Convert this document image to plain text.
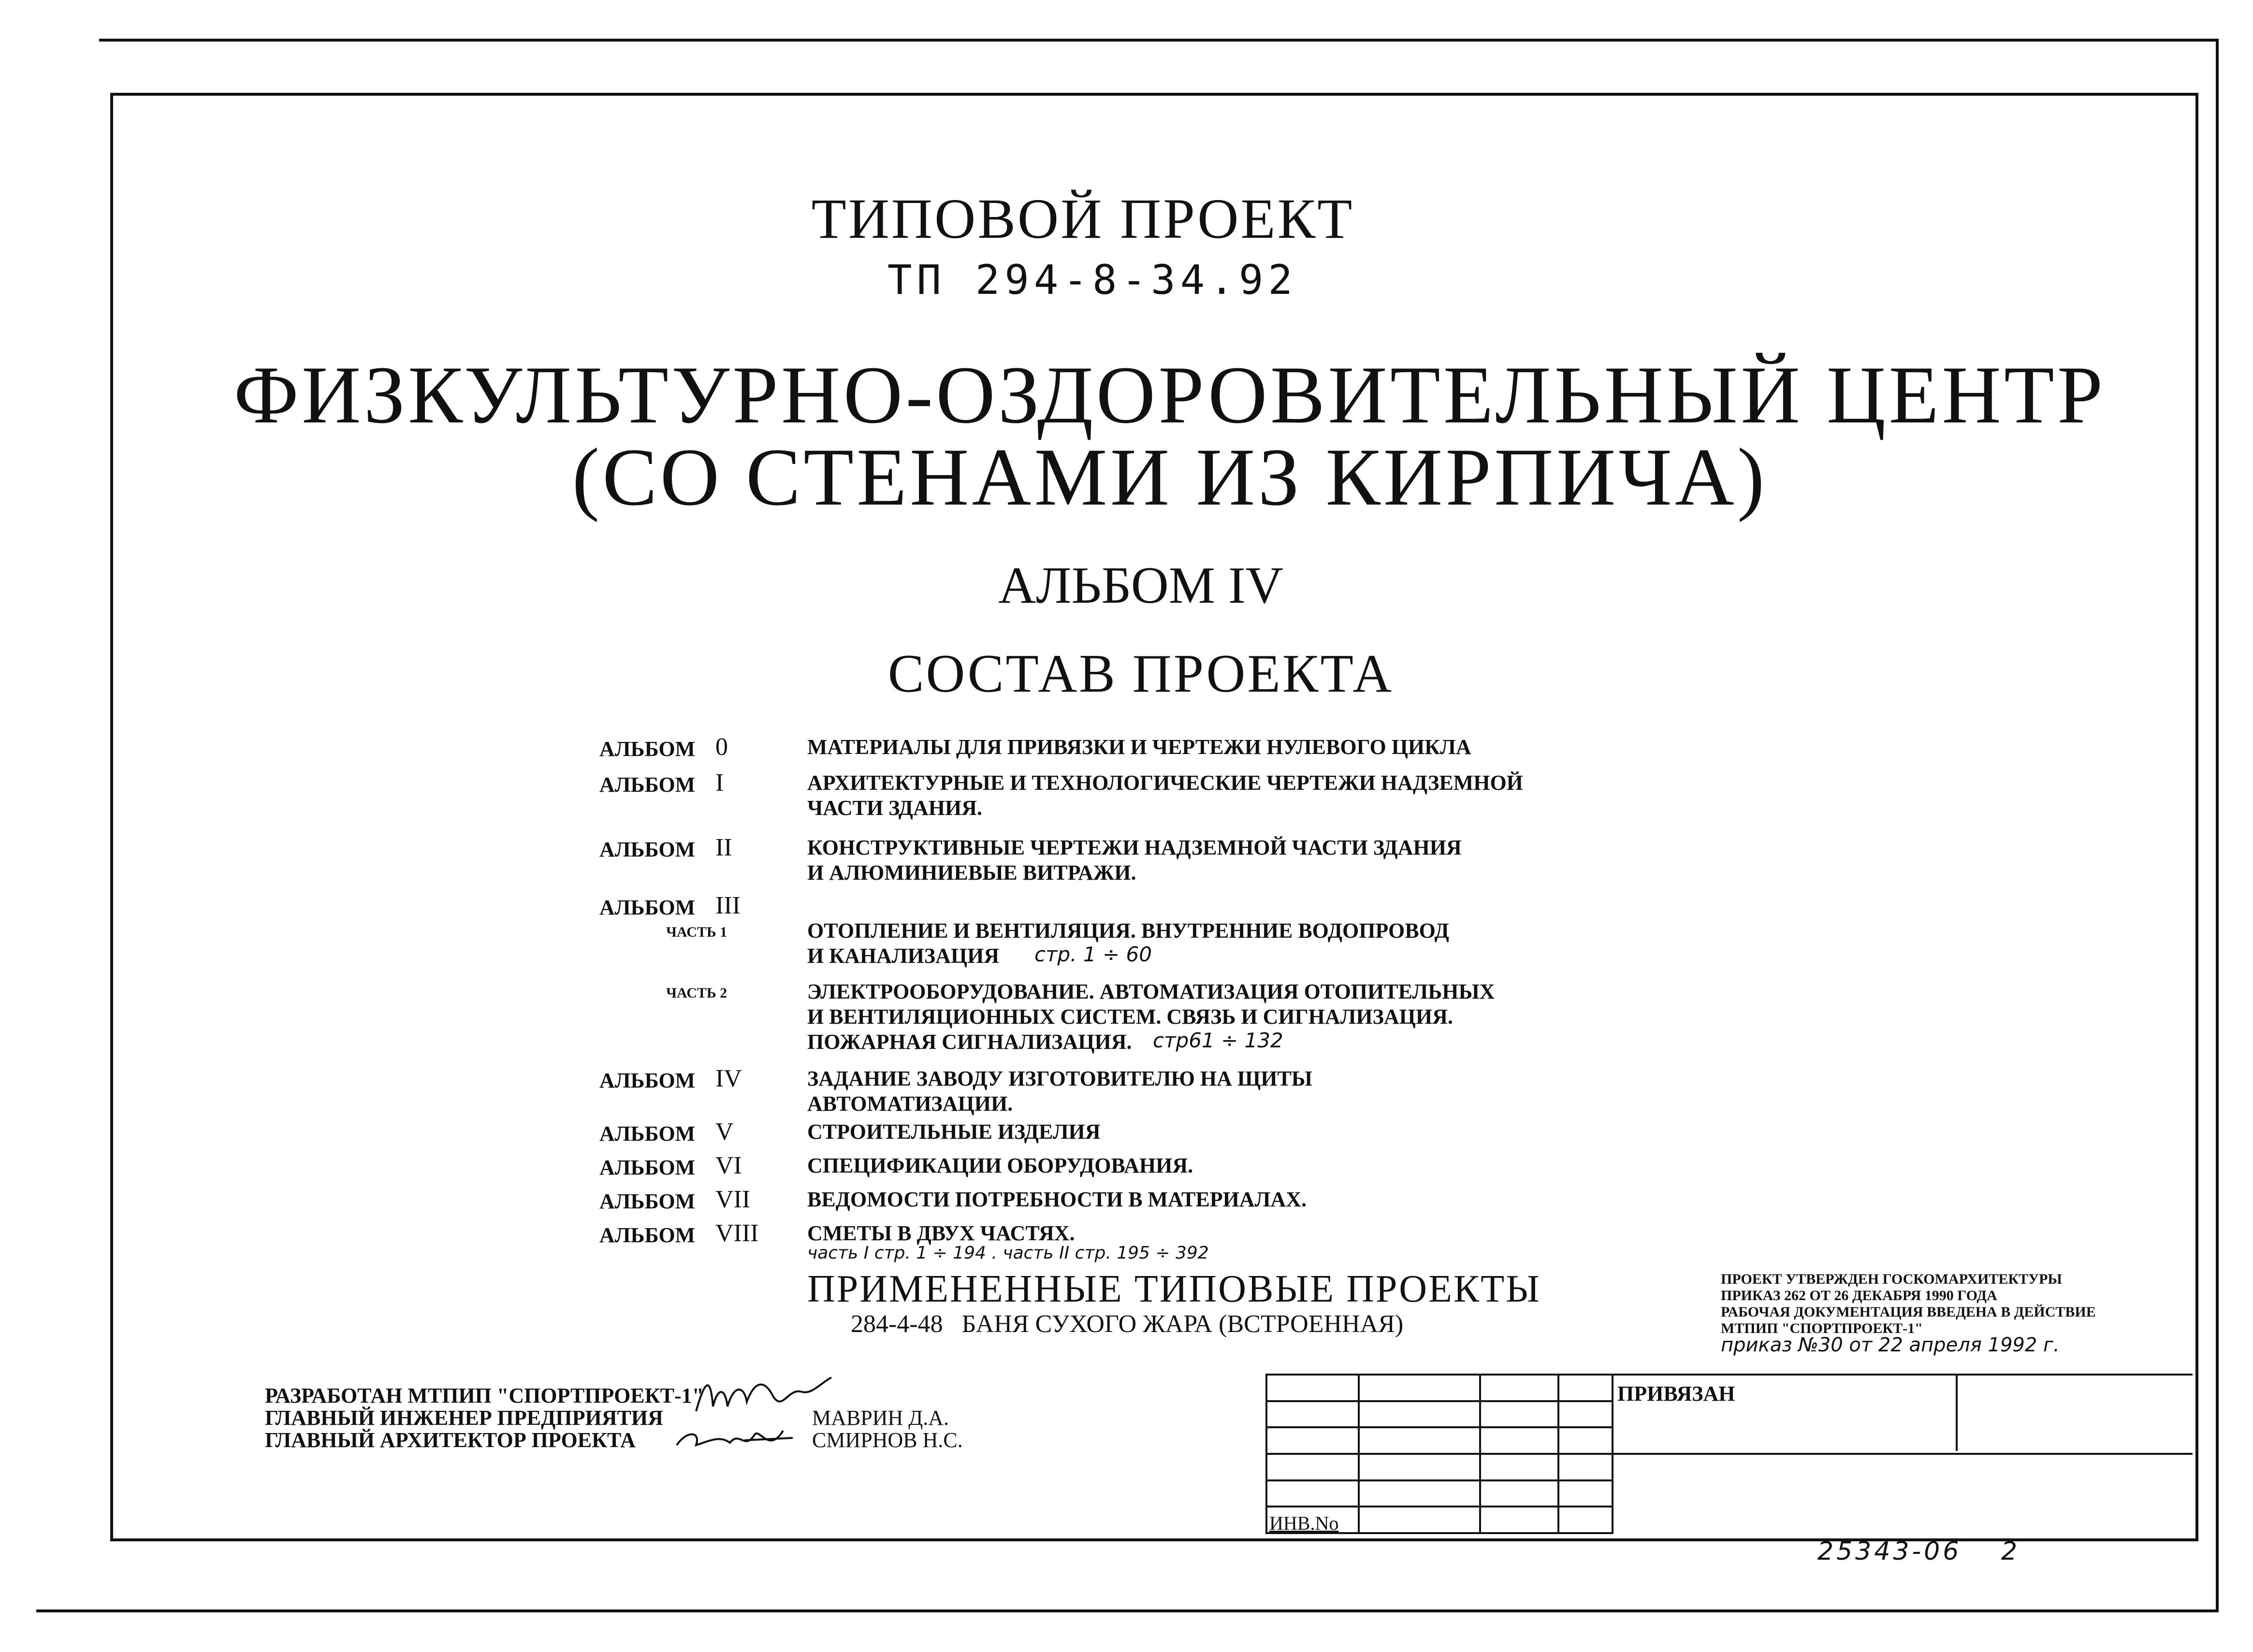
ТИПОВОЙ ПРОЕКТ
ТП 294-8-34.92
ФИЗКУЛЬТУРНО-ОЗДОРОВИТЕЛЬНЫЙ ЦЕНТР
(СО СТЕНАМИ ИЗ КИРПИЧА)
АЛЬБОМ IV
СОСТАВ ПРОЕКТА
АЛЬБОМ 0	МАТЕРИАЛЫ ДЛЯ ПРИВЯЗКИ И ЧЕРТЕЖИ НУЛЕВОГО ЦИКЛА
АЛЬБОМ I	АРХИТЕКТУРНЫЕ И ТЕХНОЛОГИЧЕСКИЕ ЧЕРТЕЖИ НАДЗЕМНОЙ
ЧАСТИ ЗДАНИЯ.
АЛЬБОМ II	КОНСТРУКТИВНЫЕ ЧЕРТЕЖИ НАДЗЕМНОЙ ЧАСТИ ЗДАНИЯ
И АЛЮМИНИЕВЫЕ ВИТРАЖИ.
АЛЬБОМ III
ЧАСТЬ 1	ОТОПЛЕНИЕ И ВЕНТИЛЯЦИЯ. ВНУТРЕННИЕ ВОДОПРОВОД
И КАНАЛИЗАЦИЯ стр. 1 ÷ 60
ЧАСТЬ 2	ЭЛЕКТРООБОРУДОВАНИЕ. АВТОМАТИЗАЦИЯ ОТОПИТЕЛЬНЫХ
И ВЕНТИЛЯЦИОННЫХ СИСТЕМ. СВЯЗЬ И СИГНАЛИЗАЦИЯ.
ПОЖАРНАЯ СИГНАЛИЗАЦИЯ. стр61 ÷ 132
АЛЬБОМ IV	ЗАДАНИЕ ЗАВОДУ ИЗГОТОВИТЕЛЮ НА ЩИТЫ
АВТОМАТИЗАЦИИ.
АЛЬБОМ V	СТРОИТЕЛЬНЫЕ ИЗДЕЛИЯ
АЛЬБОМ VI	СПЕЦИФИКАЦИИ ОБОРУДОВАНИЯ.
АЛЬБОМ VII	ВЕДОМОСТИ ПОТРЕБНОСТИ В МАТЕРИАЛАХ.
АЛЬБОМ VIII СМЕТЫ В ДВУХ ЧАСТЯХ.
часть I стр. 1 ÷ 194 . часть II стр. 195 ÷ 392
ПРИМЕНЕННЫЕ ТИПОВЫЕ ПРОЕКТЫ
284-4-48   БАНЯ СУХОГО ЖАРА (ВСТРОЕННАЯ)
ПРОЕКТ УТВЕРЖДЕН ГОСКОМАРХИТЕКТУРЫ
ПРИКАЗ 262 ОТ 26 ДЕКАБРЯ 1990 ГОДА
РАБОЧАЯ ДОКУМЕНТАЦИЯ ВВЕДЕНА В ДЕЙСТВИЕ
МТПИП "СПОРТПРОЕКТ-1"
приказ №30 от 22 апреля 1992 г.
РАЗРАБОТАН МТПИП "СПОРТПРОЕКТ-1"
ГЛАВНЫЙ ИНЖЕНЕР ПРЕДПРИЯТИЯ
ГЛАВНЫЙ АРХИТЕКТОР ПРОЕКТА
МАВРИН Д.А.
СМИРНОВ Н.С.

ПРИВЯЗАН
ИНВ.No
25343-06 2
